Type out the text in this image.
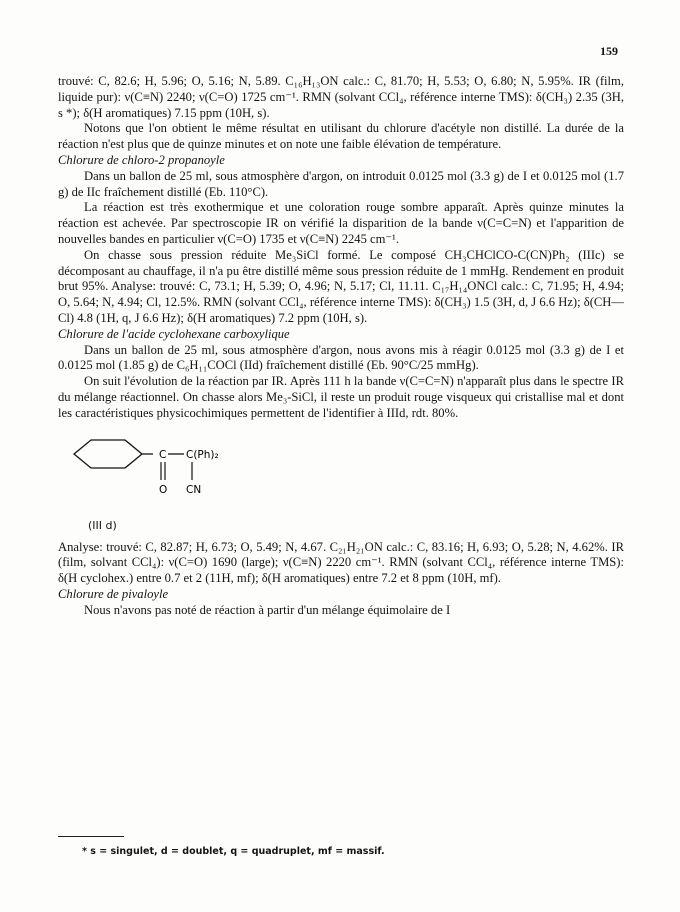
159

trouvé: C, 82.6; H, 5.96; O, 5.16; N, 5.89. C₁₆H₁₃ON calc.: C, 81.70; H, 5.53; O, 6.80; N, 5.95%. IR (film, liquide pur): ν(C≡N) 2240; ν(C=O) 1725 cm⁻¹. RMN (solvant CCl₄, référence interne TMS): δ(CH₃) 2.35 (3H, s *); δ(H aromatiques) 7.15 ppm (10H, s).

Notons que l'on obtient le même résultat en utilisant du chlorure d'acétyle non distillé. La durée de la réaction n'est plus que de quinze minutes et on note une faible élévation de température.

Chlorure de chloro-2 propanoyle

Dans un ballon de 25 ml, sous atmosphère d'argon, on introduit 0.0125 mol (3.3 g) de I et 0.0125 mol (1.7 g) de IIc fraîchement distillé (Eb. 110°C).

La réaction est très exothermique et une coloration rouge sombre apparaît. Après quinze minutes la réaction est achevée. Par spectroscopie IR on vérifié la disparition de la bande ν(C=C=N) et l'apparition de nouvelles bandes en particulier ν(C=O) 1735 et ν(C≡N) 2245 cm⁻¹.

On chasse sous pression réduite Me₃SiCl formé. Le composé CH₃CHClCO-C(CN)Ph₂ (IIIc) se décomposant au chauffage, il n'a pu être distillé même sous pression réduite de 1 mmHg. Rendement en produit brut 95%. Analyse: trouvé: C, 73.1; H, 5.39; O, 4.96; N, 5.17; Cl, 11.11. C₁₇H₁₄ONCl calc.: C, 71.95; H, 4.94; O, 5.64; N, 4.94; Cl, 12.5%. RMN (solvant CCl₄, référence interne TMS): δ(CH₃) 1.5 (3H, d, J 6.6 Hz); δ(CH—Cl) 4.8 (1H, q, J 6.6 Hz); δ(H aromatiques) 7.2 ppm (10H, s).

Chlorure de l'acide cyclohexane carboxylique

Dans un ballon de 25 ml, sous atmosphère d'argon, nous avons mis à réagir 0.0125 mol (3.3 g) de I et 0.0125 mol (1.85 g) de C₆H₁₁COCl (IId) fraîchement distillé (Eb. 90°C/25 mmHg).

On suit l'évolution de la réaction par IR. Après 111 h la bande ν(C=C=N) n'apparaît plus dans le spectre IR du mélange réactionnel. On chasse alors Me₃-SiCl, il reste un produit rouge visqueux qui cristallise mal et dont les caractéristiques physicochimiques permettent de l'identifier à IIId, rdt. 80%.

C C(Ph)₂
O CN
(III d)

Analyse: trouvé: C, 82.87; H, 6.73; O, 5.49; N, 4.67. C₂₁H₂₁ON calc.: C, 83.16; H, 6.93; O, 5.28; N, 4.62%. IR (film, solvant CCl₄): ν(C=O) 1690 (large); ν(C≡N) 2220 cm⁻¹. RMN (solvant CCl₄, référence interne TMS): δ(H cyclohex.) entre 0.7 et 2 (11H, mf); δ(H aromatiques) entre 7.2 et 8 ppm (10H, mf).

Chlorure de pivaloyle

Nous n'avons pas noté de réaction à partir d'un mélange équimolaire de I

* s = singulet, d = doublet, q = quadruplet, mf = massif.
